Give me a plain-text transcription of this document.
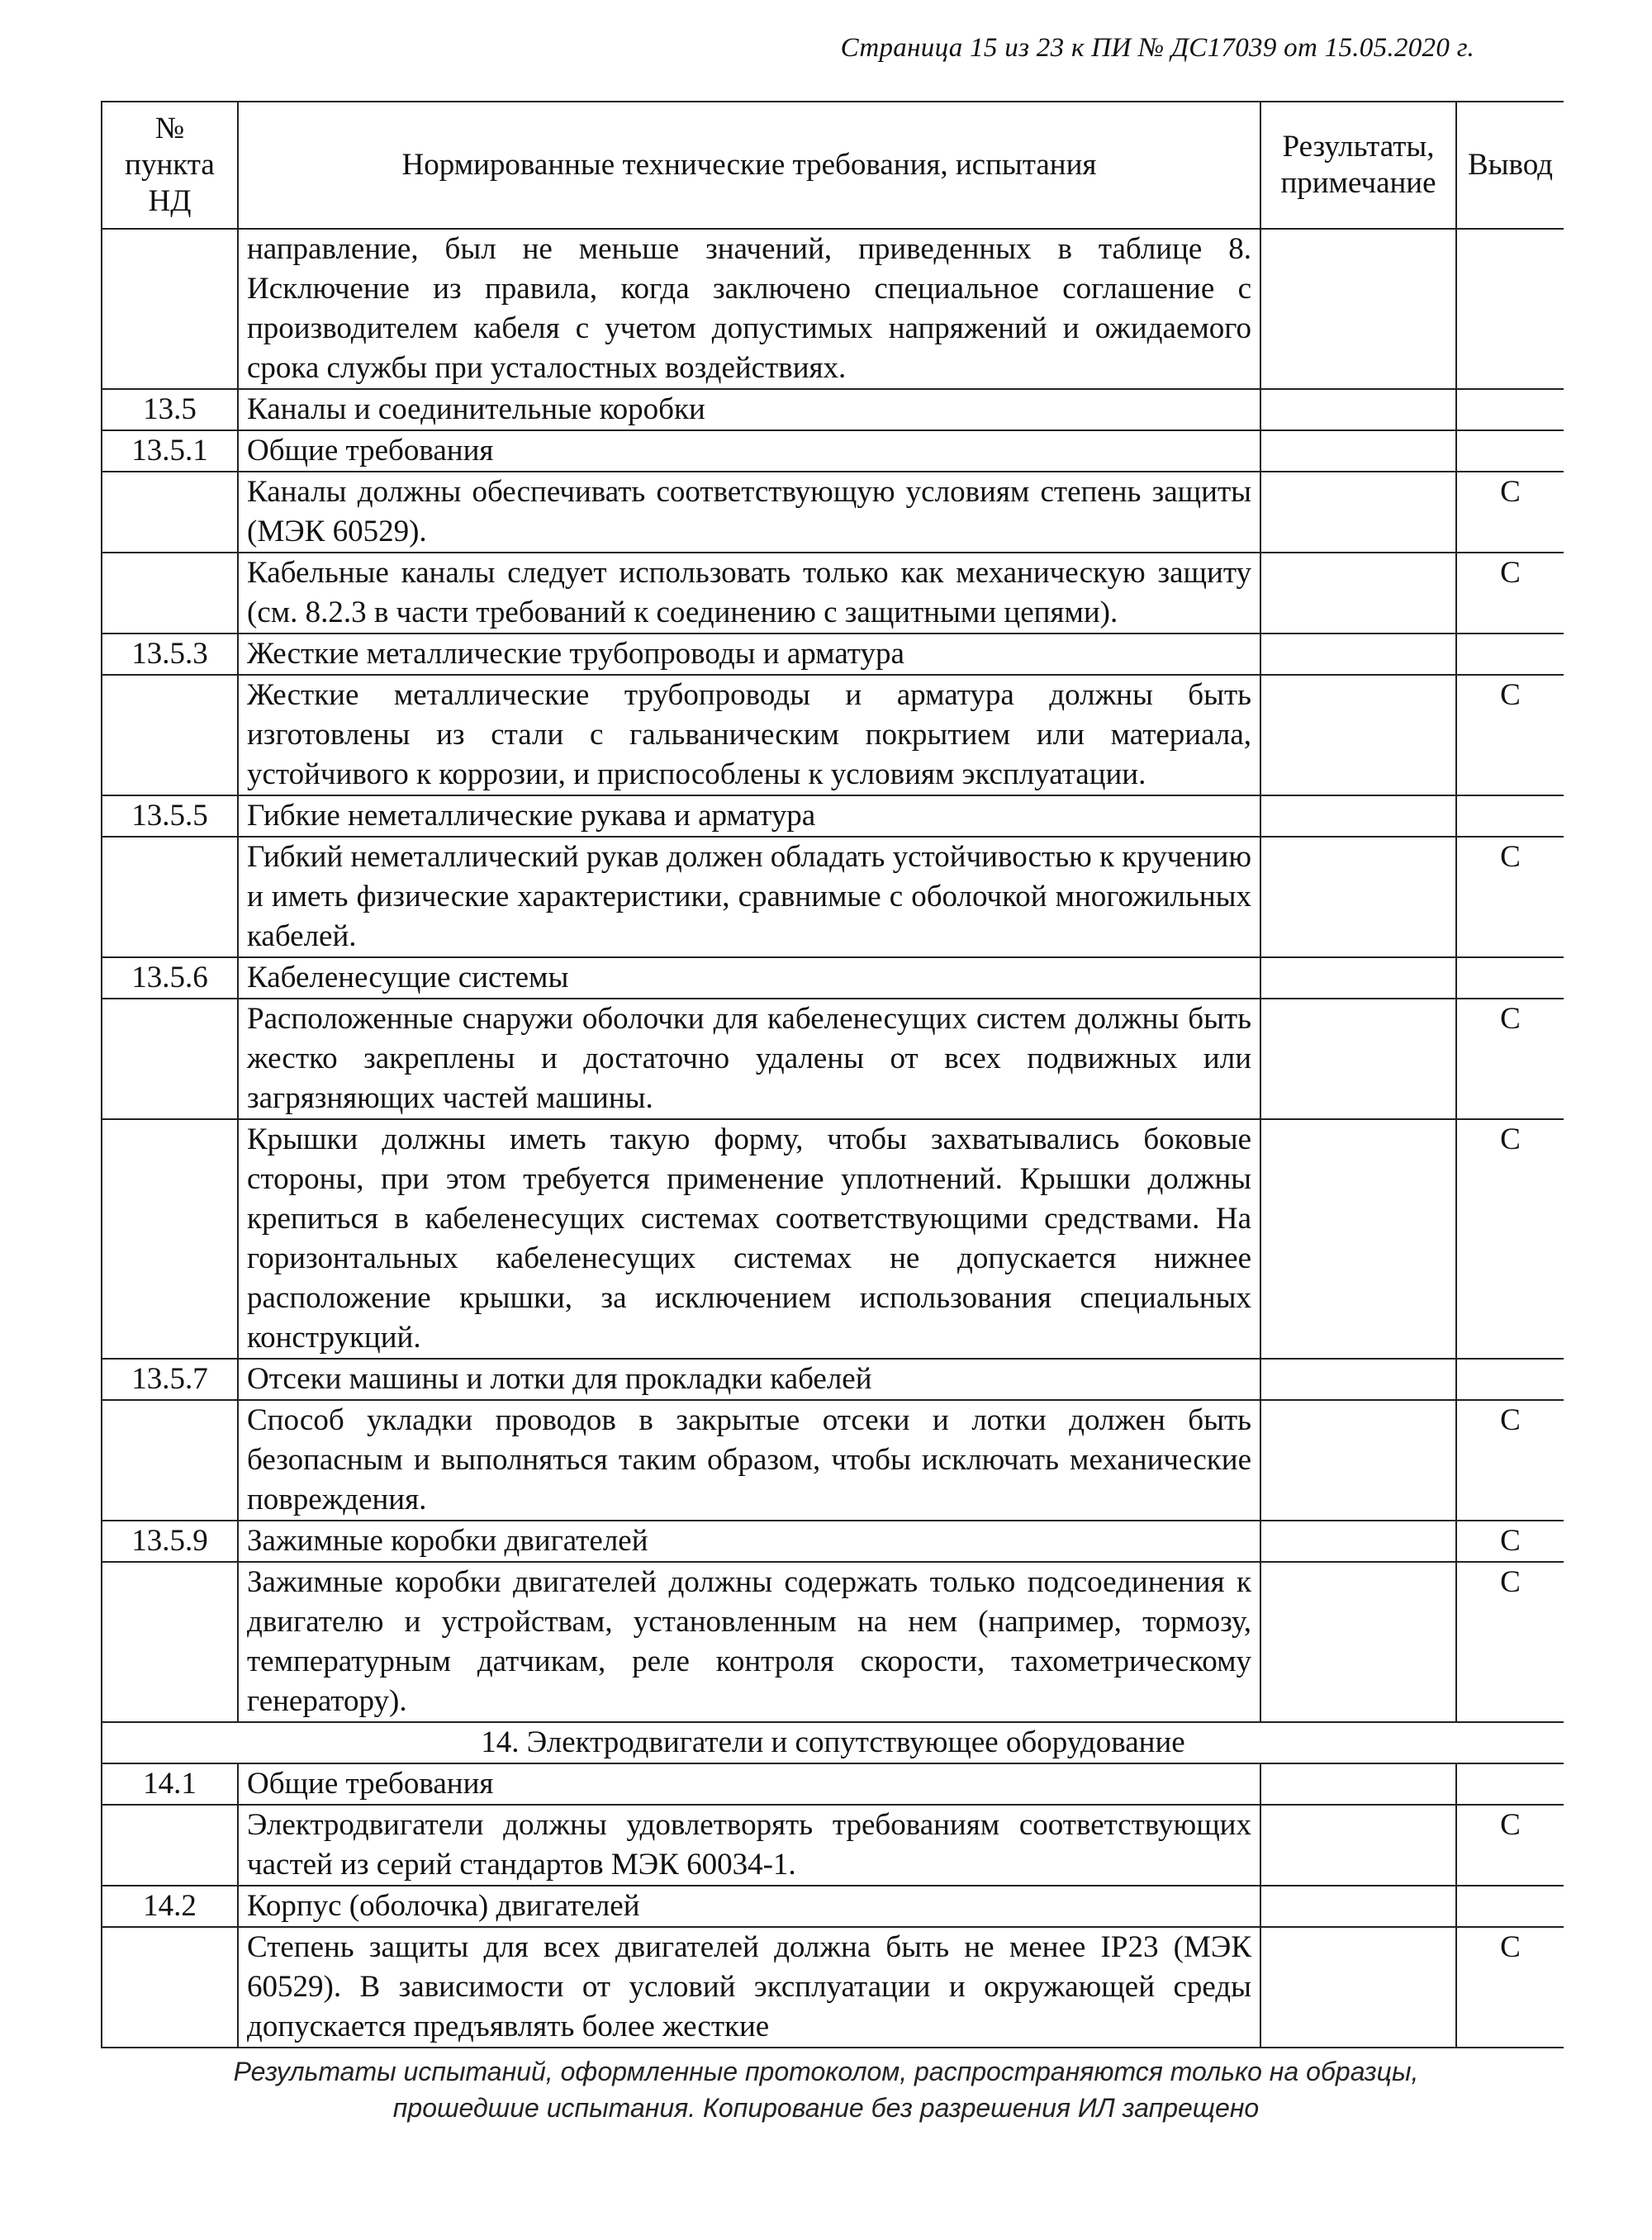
Страница 15 из 23 к ПИ № ДС17039 от 15.05.2020 г.
№ пункта НД	Нормированные технические требования, испытания	Результаты, примечание	Вывод
	направление, был не меньше значений, приведенных в таблице 8. Исключение из правила, когда заключено специальное соглашение с производителем кабеля с учетом допустимых напряжений и ожидаемого срока службы при усталостных воздействиях.		
13.5	Каналы и соединительные коробки		
13.5.1	Общие требования		
	Каналы должны обеспечивать соответствующую условиям степень защиты (МЭК 60529).		С
	Кабельные каналы следует использовать только как механическую защиту (см. 8.2.3 в части требований к соединению с защитными цепями).		С
13.5.3	Жесткие металлические трубопроводы и арматура		
	Жесткие металлические трубопроводы и арматура должны быть изготовлены из стали с гальваническим покрытием или материала, устойчивого к коррозии, и приспособлены к условиям эксплуатации.		С
13.5.5	Гибкие неметаллические рукава и арматура		
	Гибкий неметаллический рукав должен обладать устойчивостью к кручению и иметь физические характеристики, сравнимые с оболочкой многожильных кабелей.		С
13.5.6	Кабеленесущие системы		
	Расположенные снаружи оболочки для кабеленесущих систем должны быть жестко закреплены и достаточно удалены от всех подвижных или загрязняющих частей машины.		С
	Крышки должны иметь такую форму, чтобы захватывались боковые стороны, при этом требуется применение уплотнений. Крышки должны крепиться в кабеленесущих системах соответствующими средствами. На горизонтальных кабеленесущих системах не допускается нижнее расположение крышки, за исключением использования специальных конструкций.		С
13.5.7	Отсеки машины и лотки для прокладки кабелей		
	Способ укладки проводов в закрытые отсеки и лотки должен быть безопасным и выполняться таким образом, чтобы исключать механические повреждения.		С
13.5.9	Зажимные коробки двигателей		С
	Зажимные коробки двигателей должны содержать только подсоединения к двигателю и устройствам, установленным на нем (например, тормозу, температурным датчикам, реле контроля скорости, тахометрическому генератору).		С
14. Электродвигатели и сопутствующее оборудование			
14.1	Общие требования		
	Электродвигатели должны удовлетворять требованиям соответствующих частей из серий стандартов МЭК 60034-1.		С
14.2	Корпус (оболочка) двигателей		
	Степень защиты для всех двигателей должна быть не менее IP23 (МЭК 60529). В зависимости от условий эксплуатации и окружающей среды допускается предъявлять более жесткие		С
Результаты испытаний, оформленные протоколом, распространяются только на образцы,
прошедшие испытания. Копирование без разрешения ИЛ запрещено
